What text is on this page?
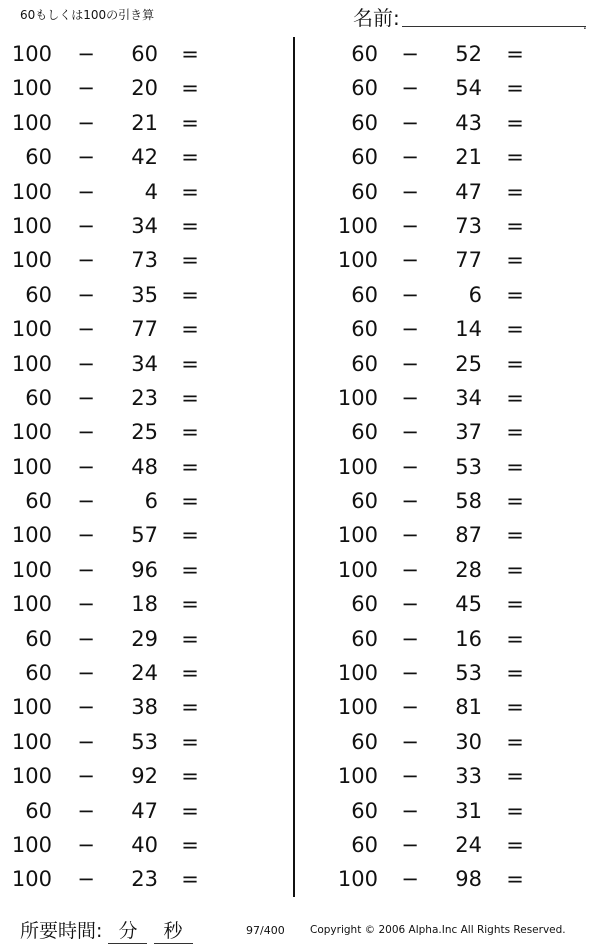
60もしくは100の引き算	名前:	.
100 −	60 =
100 −	20 =
100 −	21 =
60 −	42 =
100 −	4 =
100 −	34 =
100 −	73 =
60 −	35 =
100 −	77 =
100 −	34 =
60 −	23 =
100 −	25 =
100 −	48 =
60 −	6 =
100 −	57 =
100 −	96 =
100 −	18 =
60 −	29 =
60 −	24 =
100 −	38 =
100 −	53 =
100 −	92 =
60 −	47 =
100 −	40 =
100 −	23 =
60 −	52 =
60 −	54 =
60 −	43 =
60 −	21 =
60 −	47 =
100 −	73 =
100 −	77 =
60 −	6 =
60 −	14 =
60 −	25 =
100 −	34 =
60 −	37 =
100 −	53 =
60 −	58 =
100 −	87 =
100 −	28 =
60 −	45 =
60 −	16 =
100 −	53 =
100 −	81 =
60 −	30 =
100 −	33 =
60 −	31 =
60 −	24 =
100 −	98 =
所要時間: 分 秒	97/400 Copyright © 2006 Alpha.Inc All Rights Reserved.
